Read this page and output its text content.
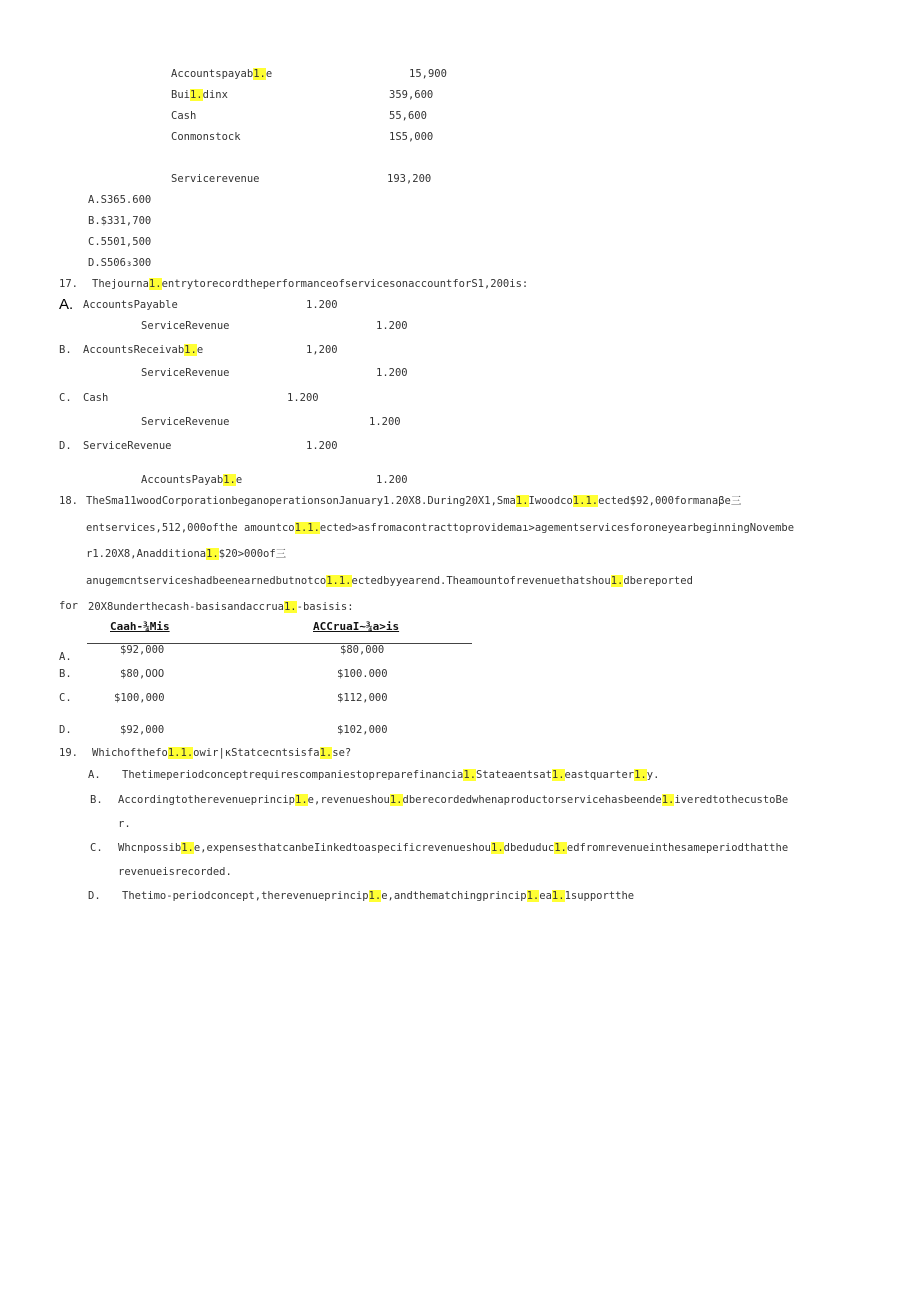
Accountspayab1.e	15,900
Bui1.dinx	359,600
Cash	55,600
Conmonstock	1S5,000
Servicerevenue	193,200
A.S365.600
B.$331,700
C.5501,500
D.S506₃300
17. Thejourna1.entrytorecordtheperformanceofservicesonaccountforS1,200is:
A. AccountsPayable	1.200
ServiceRevenue	1.200
B. AccountsReceivab1.e	1,200
ServiceRevenue	1.200
C. Cash	1.200
ServiceRevenue	1.200
D. ServiceRevenue	1.200
AccountsPayab1.e	1.200
18. TheSma11woodCorporationbeganoperationsonJanuary1.20X8.During20X1,Sma1.Iwoodco1.1.ected$92,000formanaβe三
entservices,512,000ofthe amountco1.1.ected>asfromacontracttoprovidemaı>agementservicesforoneyearbeginningNovembe
r1.20X8,Anadditiona1.$20>000of三
anugemcntserviceshadbeenearnedbutnotco1.1.ectedbyyearend.Theamountofrevenuethatshou1.dbereported
for 20X8underthecash-basisandaccrua1.-basisis:
Caah-¾Mis	ACCruaI~¾a>is
A.
$92,000	$80,000
B.	$80,OOO	$100.000
C.	$100,000	$112,000
D.	$92,000	$102,000
19. Whichofthefo1.1.owir|κStatcecntsisfa1.se?
A. Thetimeperiodconceptrequirescompaniestopreparefinancia1.Stateaentsat1.eastquarter1.y.
B. Accordingtotherevenueprincip1.e,revenueshou1.dberecordedwhenaproductorservicehasbeende1.iveredtothecustoBe
r.
C. Whcnpossib1.e,expensesthatcanbeIinkedtoaspecificrevenueshou1.dbeduduc1.edfromrevenueinthesameperiodthatthe
revenueisrecorded.
D. Thetimo-periodconcept,therevenueprincip1.e,andthematchingprincip1.ea1.1supportthe
